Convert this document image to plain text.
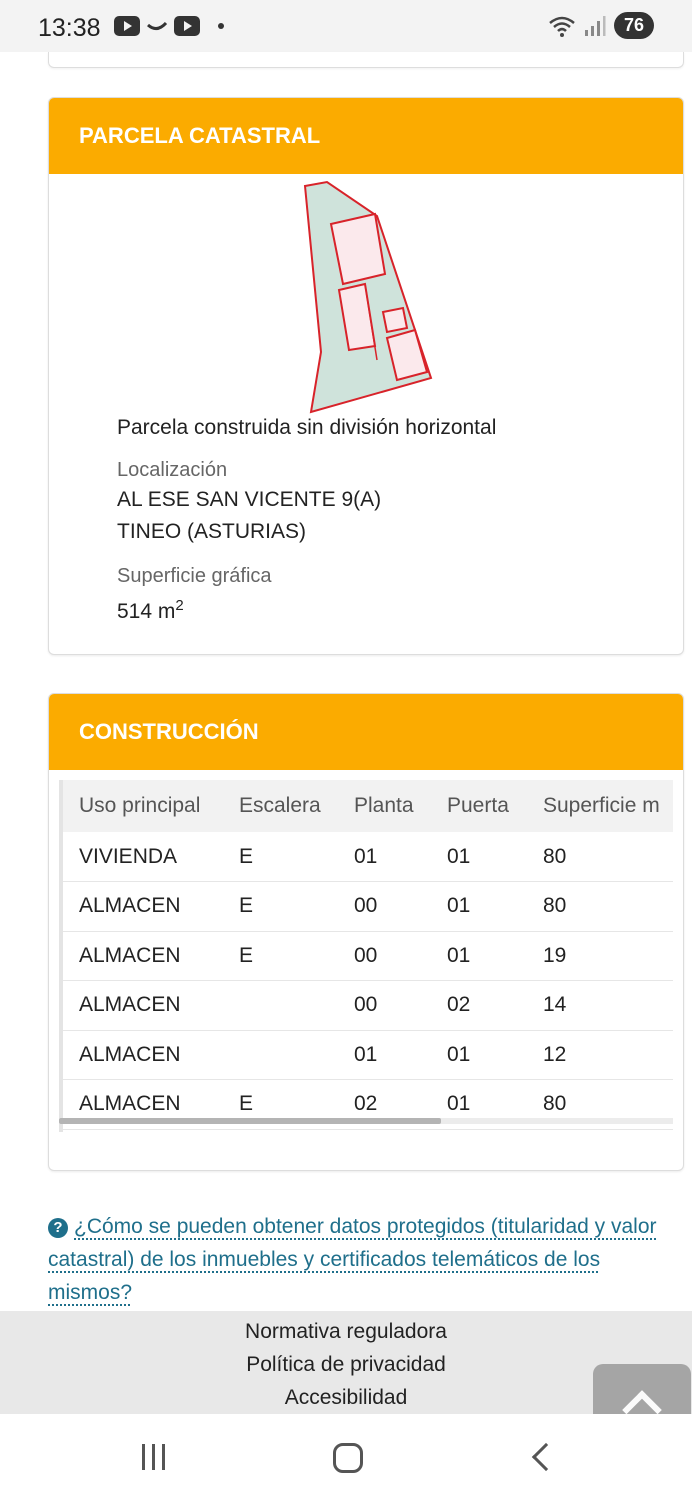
13:38	76
PARCELA CATASTRAL
Parcela construida sin división horizontal
Localización
AL ESE SAN VICENTE 9(A)
TINEO (ASTURIAS)
Superficie gráfica
514 $m^2$
CONSTRUCCIÓN
Uso principal	Escalera	Planta	Puerta	Superficie m
VIVIENDA	E	01	01	80
ALMACEN	E	00	01	80
ALMACEN	E	00	01	19
ALMACEN		00	02	14
ALMACEN		01	01	12
ALMACEN	E	02	01	80
? ¿Cómo se pueden obtener datos protegidos (titularidad y valor catastral) de los inmuebles y certificados telemáticos de los mismos?
Normativa reguladora
Política de privacidad
Accesibilidad
